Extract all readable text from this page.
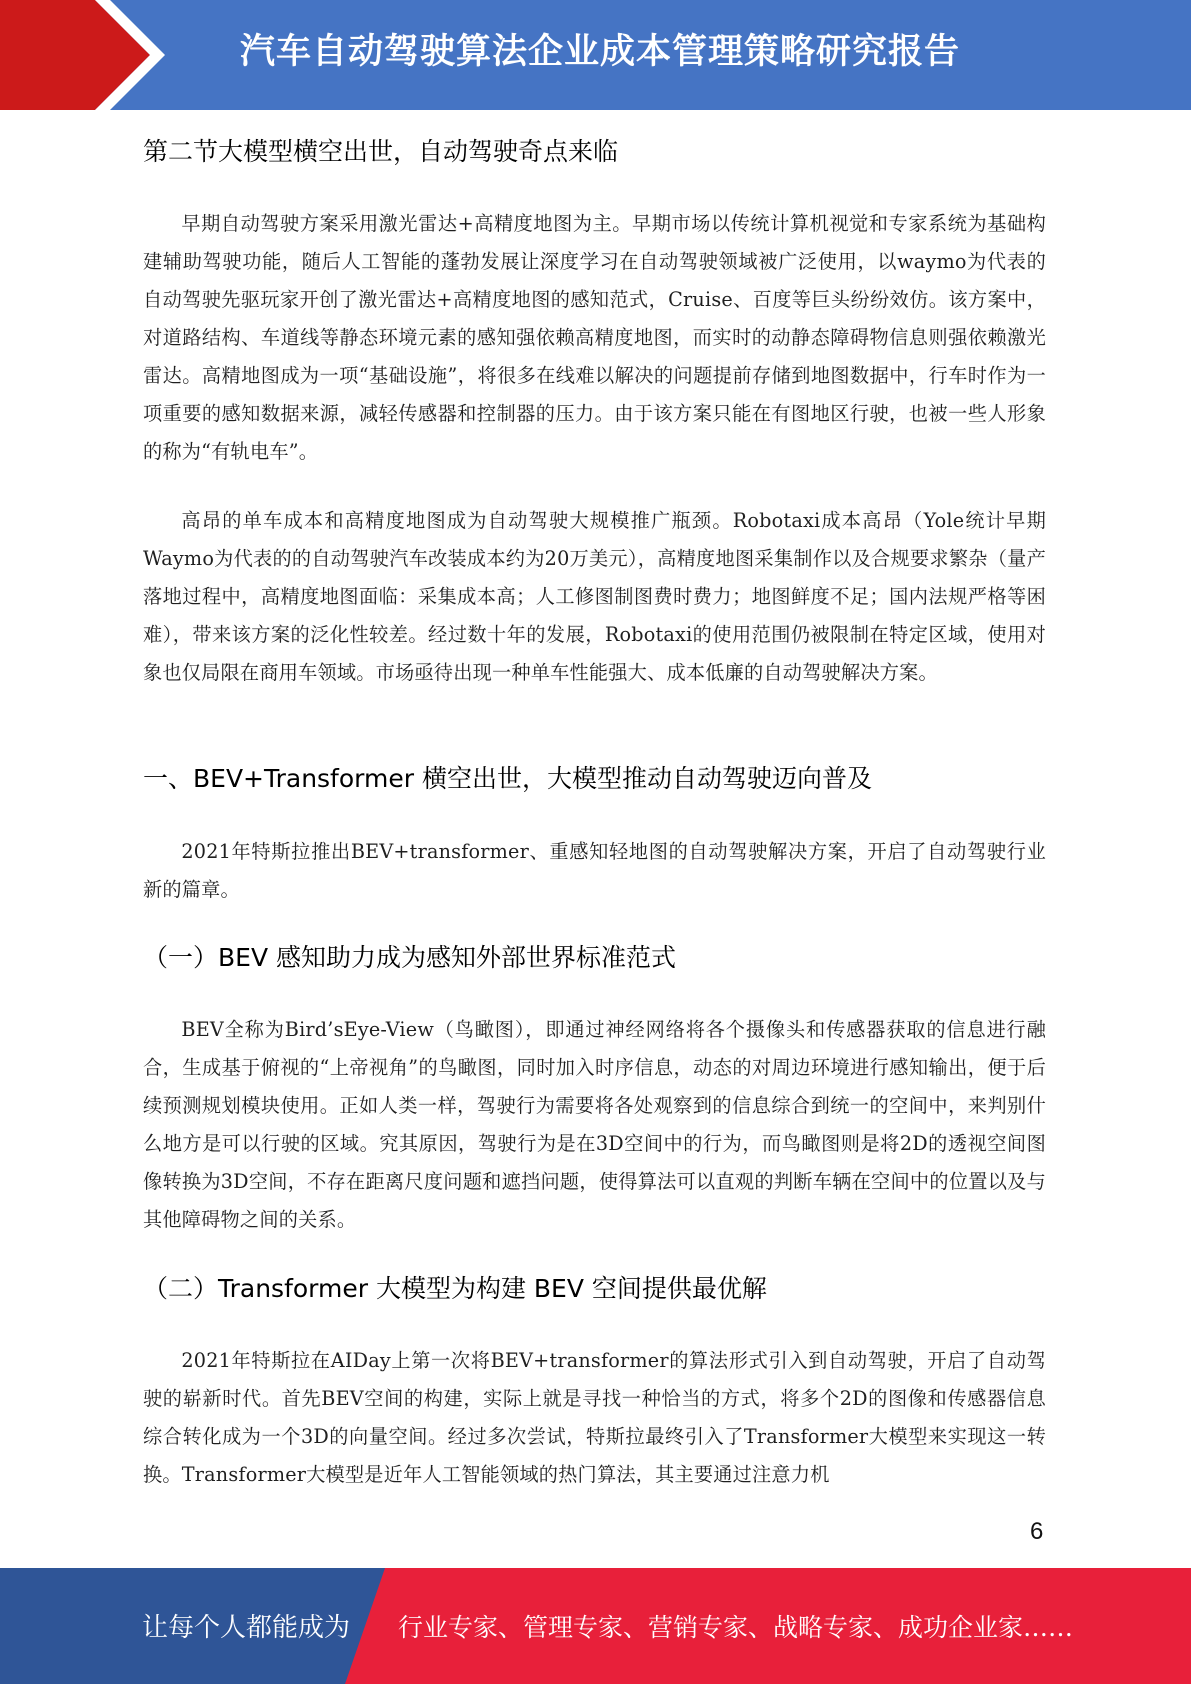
汽车自动驾驶算法企业成本管理策略研究报告
第二节大模型横空出世，自动驾驶奇点来临

早期自动驾驶方案采用激光雷达+高精度地图为主。早期市场以传统计算机视觉和专家系统为基础构建辅助驾驶功能，随后人工智能的蓬勃发展让深度学习在自动驾驶领域被广泛使用，以waymo为代表的自动驾驶先驱玩家开创了激光雷达+高精度地图的感知范式，Cruise、百度等巨头纷纷效仿。该方案中，对道路结构、车道线等静态环境元素的感知强依赖高精度地图，而实时的动静态障碍物信息则强依赖激光雷达。高精地图成为一项“基础设施”，将很多在线难以解决的问题提前存储到地图数据中，行车时作为一项重要的感知数据来源，减轻传感器和控制器的压力。由于该方案只能在有图地区行驶，也被一些人形象的称为“有轨电车”。

高昂的单车成本和高精度地图成为自动驾驶大规模推广瓶颈。Robotaxi成本高昂（Yole统计早期Waymo为代表的的自动驾驶汽车改装成本约为20万美元），高精度地图采集制作以及合规要求繁杂（量产落地过程中，高精度地图面临：采集成本高；人工修图制图费时费力；地图鲜度不足；国内法规严格等困难），带来该方案的泛化性较差。经过数十年的发展，Robotaxi的使用范围仍被限制在特定区域，使用对象也仅局限在商用车领域。市场亟待出现一种单车性能强大、成本低廉的自动驾驶解决方案。

一、BEV+Transformer 横空出世，大模型推动自动驾驶迈向普及

2021年特斯拉推出BEV+transformer、重感知轻地图的自动驾驶解决方案，开启了自动驾驶行业新的篇章。

（一）BEV 感知助力成为感知外部世界标准范式

BEV全称为Bird’sEye-View（鸟瞰图），即通过神经网络将各个摄像头和传感器获取的信息进行融合，生成基于俯视的“上帝视角”的鸟瞰图，同时加入时序信息，动态的对周边环境进行感知输出，便于后续预测规划模块使用。正如人类一样，驾驶行为需要将各处观察到的信息综合到统一的空间中，来判别什么地方是可以行驶的区域。究其原因，驾驶行为是在3D空间中的行为，而鸟瞰图则是将2D的透视空间图像转换为3D空间，不存在距离尺度问题和遮挡问题，使得算法可以直观的判断车辆在空间中的位置以及与其他障碍物之间的关系。

（二）Transformer 大模型为构建 BEV 空间提供最优解

2021年特斯拉在AIDay上第一次将BEV+transformer的算法形式引入到自动驾驶，开启了自动驾驶的崭新时代。首先BEV空间的构建，实际上就是寻找一种恰当的方式，将多个2D的图像和传感器信息综合转化成为一个3D的向量空间。经过多次尝试，特斯拉最终引入了Transformer大模型来实现这一转换。Transformer大模型是近年人工智能领域的热门算法，其主要通过注意力机

6
让每个人都能成为 行业专家、管理专家、营销专家、战略专家、成功企业家……
